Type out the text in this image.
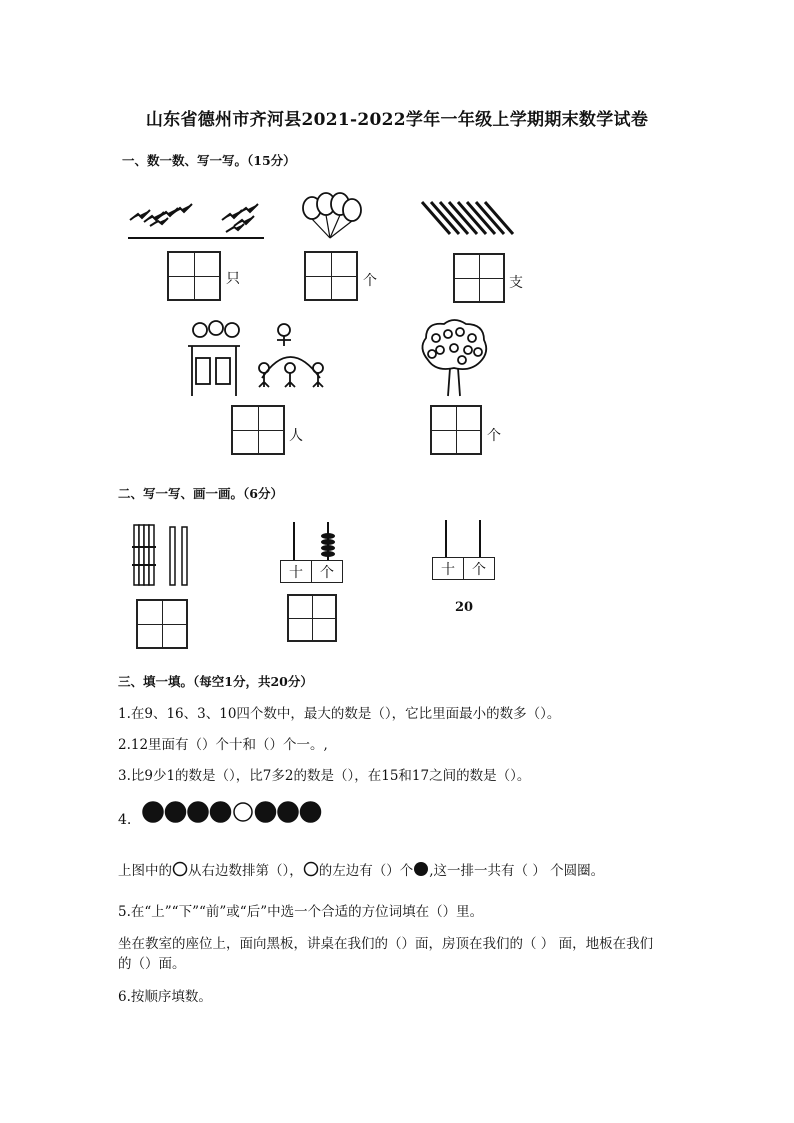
山东省德州市齐河县2021-2022学年一年级上学期期末数学试卷
一、数一数、写一写。（15分）
只	个	支
人	个
二、写一写、画一画。（6分）
十	个	十	个
20
三、填一填。（每空1分，共20分）
1.在9、16、3、10四个数中，最大的数是（），它比里面最小的数多（）。
2.12里面有（）个十和（）个一。,
3.比9少1的数是（），比7多2的数是（），在15和17之间的数是（）。
4.
上图中的 从右边数排第（）， 的左边有（）个 ,这一排一共有（ ） 个圆圈。
5.在“上”“下”“前”或“后”中选一个合适的方位词填在（）里。
坐在教室的座位上，面向黑板，讲桌在我们的（）面，房顶在我们的（ ） 面，地板在我们
的（）面。
6.按顺序填数。
